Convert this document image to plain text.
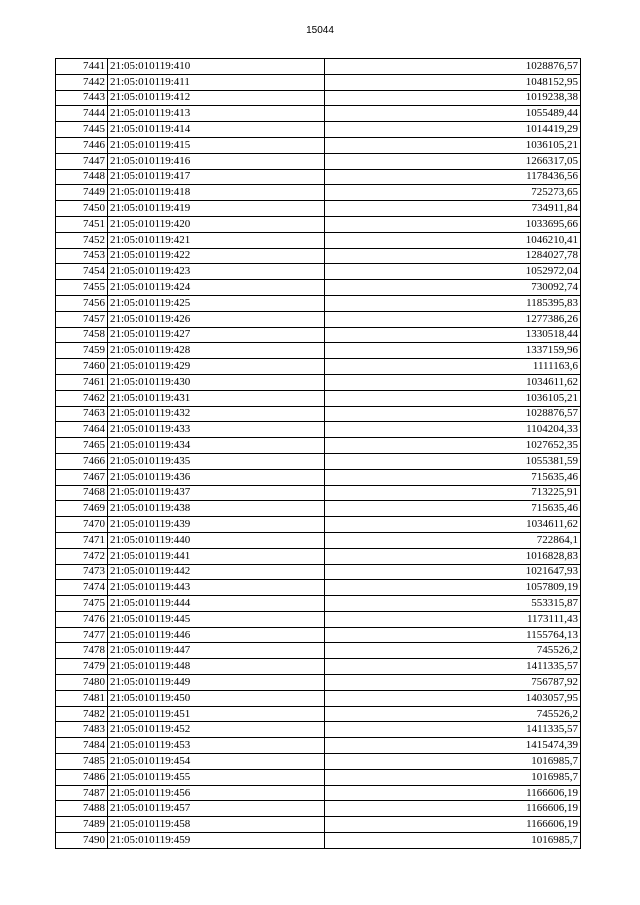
15044
7441	21:05:010119:410	1028876,57
7442	21:05:010119:411	1048152,95
7443	21:05:010119:412	1019238,38
7444	21:05:010119:413	1055489,44
7445	21:05:010119:414	1014419,29
7446	21:05:010119:415	1036105,21
7447	21:05:010119:416	1266317,05
7448	21:05:010119:417	1178436,56
7449	21:05:010119:418	725273,65
7450	21:05:010119:419	734911,84
7451	21:05:010119:420	1033695,66
7452	21:05:010119:421	1046210,41
7453	21:05:010119:422	1284027,78
7454	21:05:010119:423	1052972,04
7455	21:05:010119:424	730092,74
7456	21:05:010119:425	1185395,83
7457	21:05:010119:426	1277386,26
7458	21:05:010119:427	1330518,44
7459	21:05:010119:428	1337159,96
7460	21:05:010119:429	1111163,6
7461	21:05:010119:430	1034611,62
7462	21:05:010119:431	1036105,21
7463	21:05:010119:432	1028876,57
7464	21:05:010119:433	1104204,33
7465	21:05:010119:434	1027652,35
7466	21:05:010119:435	1055381,59
7467	21:05:010119:436	715635,46
7468	21:05:010119:437	713225,91
7469	21:05:010119:438	715635,46
7470	21:05:010119:439	1034611,62
7471	21:05:010119:440	722864,1
7472	21:05:010119:441	1016828,83
7473	21:05:010119:442	1021647,93
7474	21:05:010119:443	1057809,19
7475	21:05:010119:444	553315,87
7476	21:05:010119:445	1173111,43
7477	21:05:010119:446	1155764,13
7478	21:05:010119:447	745526,2
7479	21:05:010119:448	1411335,57
7480	21:05:010119:449	756787,92
7481	21:05:010119:450	1403057,95
7482	21:05:010119:451	745526,2
7483	21:05:010119:452	1411335,57
7484	21:05:010119:453	1415474,39
7485	21:05:010119:454	1016985,7
7486	21:05:010119:455	1016985,7
7487	21:05:010119:456	1166606,19
7488	21:05:010119:457	1166606,19
7489	21:05:010119:458	1166606,19
7490	21:05:010119:459	1016985,7
